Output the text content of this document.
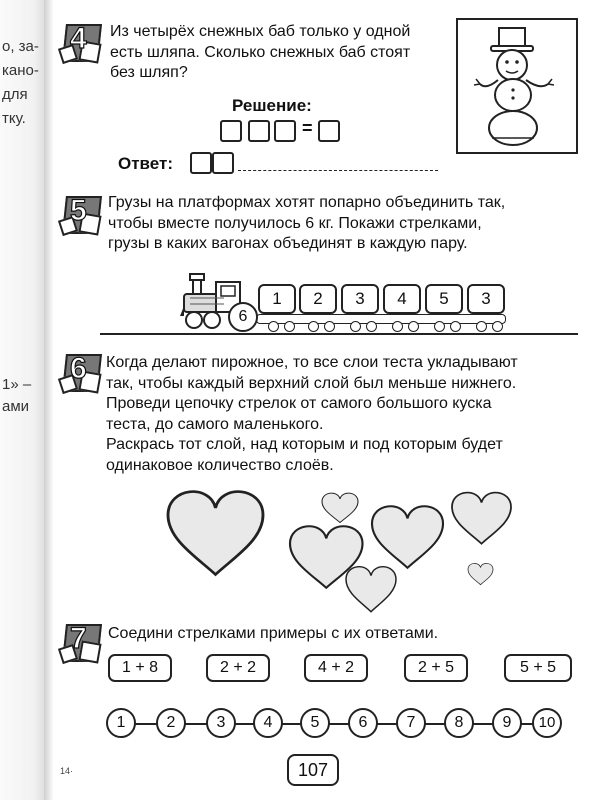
о, за-
кано-
для
тку.
1» –
ами
4 Из четырёх снежных баб только у одной
есть шляпа. Сколько снежных баб стоят
без шляп?
Решение:
=
Ответ:
5 Грузы на платформах хотят попарно объединить так,
чтобы вместе получилось 6 кг. Покажи стрелками,
грузы в каких вагонах объединят в каждую пару.
6
1	2	3	4	5	3
6 Когда делают пирожное, то все слои теста укладывают
так, чтобы каждый верхний слой был меньше нижнего.
Проведи цепочку стрелок от самого большого куска
теста, до самого маленького.
Раскрась тот слой, над которым и под которым будет
одинаковое количество слоёв.
7 Соедини стрелками примеры с их ответами.
1 + 8	2 + 2	4 + 2	2 + 5	5 + 5
1	2	3	4	5	6	7	8	9	10
107
14·
